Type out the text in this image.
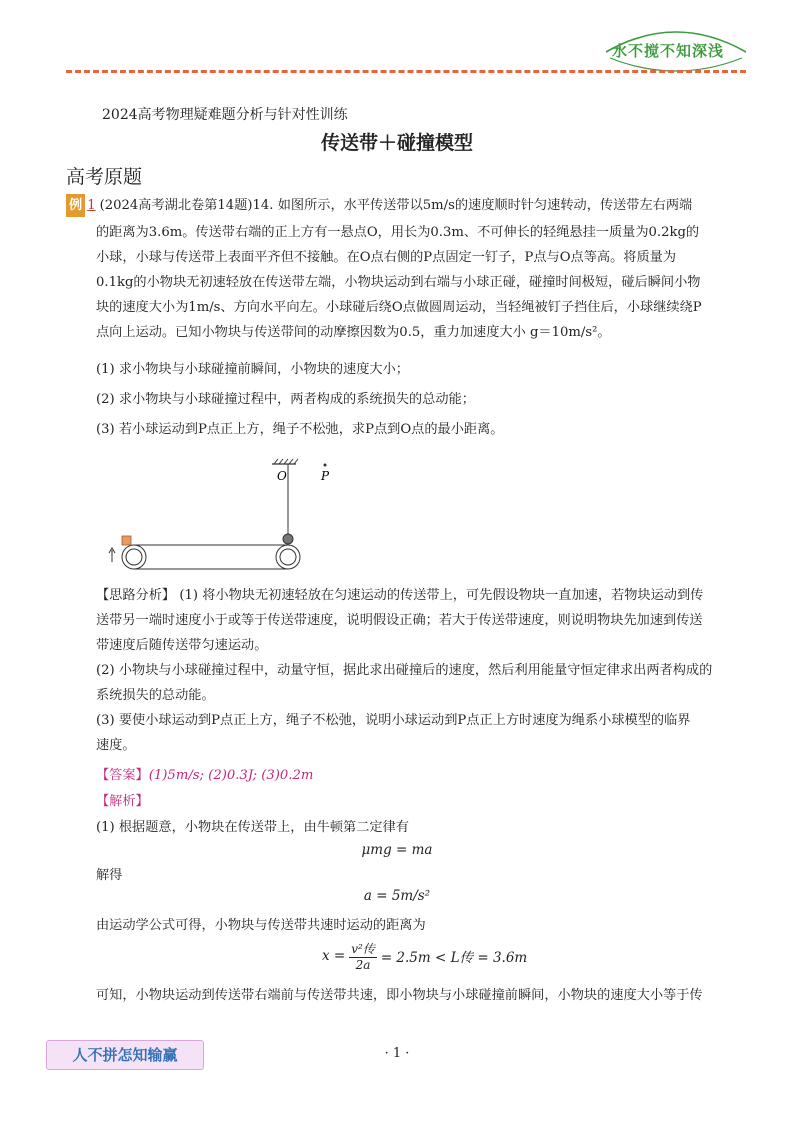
水不搅不知深浅
2024高考物理疑难题分析与针对性训练
传送带＋碰撞模型
高考原题
例 1 (2024高考湖北卷第14题)14. 如图所示，水平传送带以5m/s的速度顺时针匀速转动，传送带左右两端
的距离为3.6m。传送带右端的正上方有一悬点O，用长为0.3m、不可伸长的轻绳悬挂一质量为0.2kg的
小球，小球与传送带上表面平齐但不接触。在O点右侧的P点固定一钉子，P点与O点等高。将质量为
0.1kg的小物块无初速轻放在传送带左端，小物块运动到右端与小球正碰，碰撞时间极短，碰后瞬间小物
块的速度大小为1m/s、方向水平向左。小球碰后绕O点做圆周运动，当轻绳被钉子挡住后，小球继续绕P
点向上运动。已知小物块与传送带间的动摩擦因数为0.5，重力加速度大小 g＝10m/s²。
(1) 求小物块与小球碰撞前瞬间，小物块的速度大小；
(2) 求小物块与小球碰撞过程中，两者构成的系统损失的总动能；
(3) 若小球运动到P点正上方，绳子不松弛，求P点到O点的最小距离。
O	P
【思路分析】 (1) 将小物块无初速轻放在匀速运动的传送带上，可先假设物块一直加速，若物块运动到传
送带另一端时速度小于或等于传送带速度，说明假设正确；若大于传送带速度，则说明物块先加速到传送
带速度后随传送带匀速运动。
(2) 小物块与小球碰撞过程中，动量守恒，据此求出碰撞后的速度，然后利用能量守恒定律求出两者构成的
系统损失的总动能。
(3) 要使小球运动到P点正上方，绳子不松弛，说明小球运动到P点正上方时速度为绳系小球模型的临界
速度。
【答案】(1)5m/s; (2)0.3J; (3)0.2m
【解析】
(1) 根据题意，小物块在传送带上，由牛顿第二定律有
μmg = ma
解得
a = 5m/s²
由运动学公式可得，小物块与传送带共速时运动的距离为
x = v²传
2a = 2.5m < L传 = 3.6m
可知，小物块运动到传送带右端前与传送带共速，即小物块与小球碰撞前瞬间，小物块的速度大小等于传
人不拼怎知输赢	· 1 ·
